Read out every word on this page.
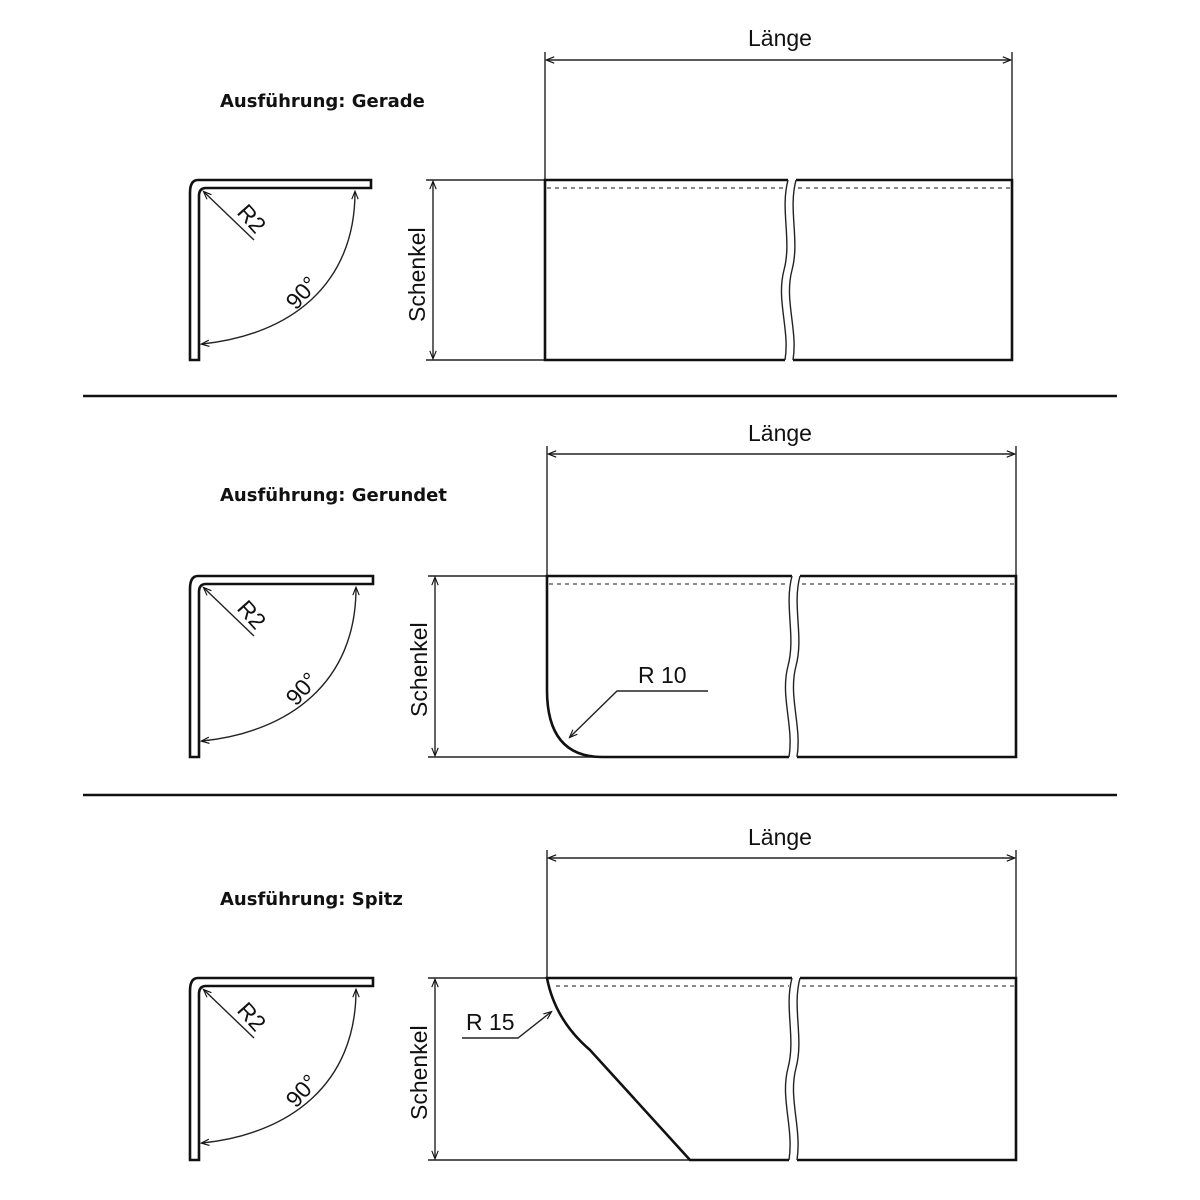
Ausführung: Gerade
R2
90°
Länge
Schenkel
Ausführung: Gerundet
R2
90°
Länge
Schenkel	R 10
Ausführung: Spitz
R2
90°
Länge
Schenkel
R 15
